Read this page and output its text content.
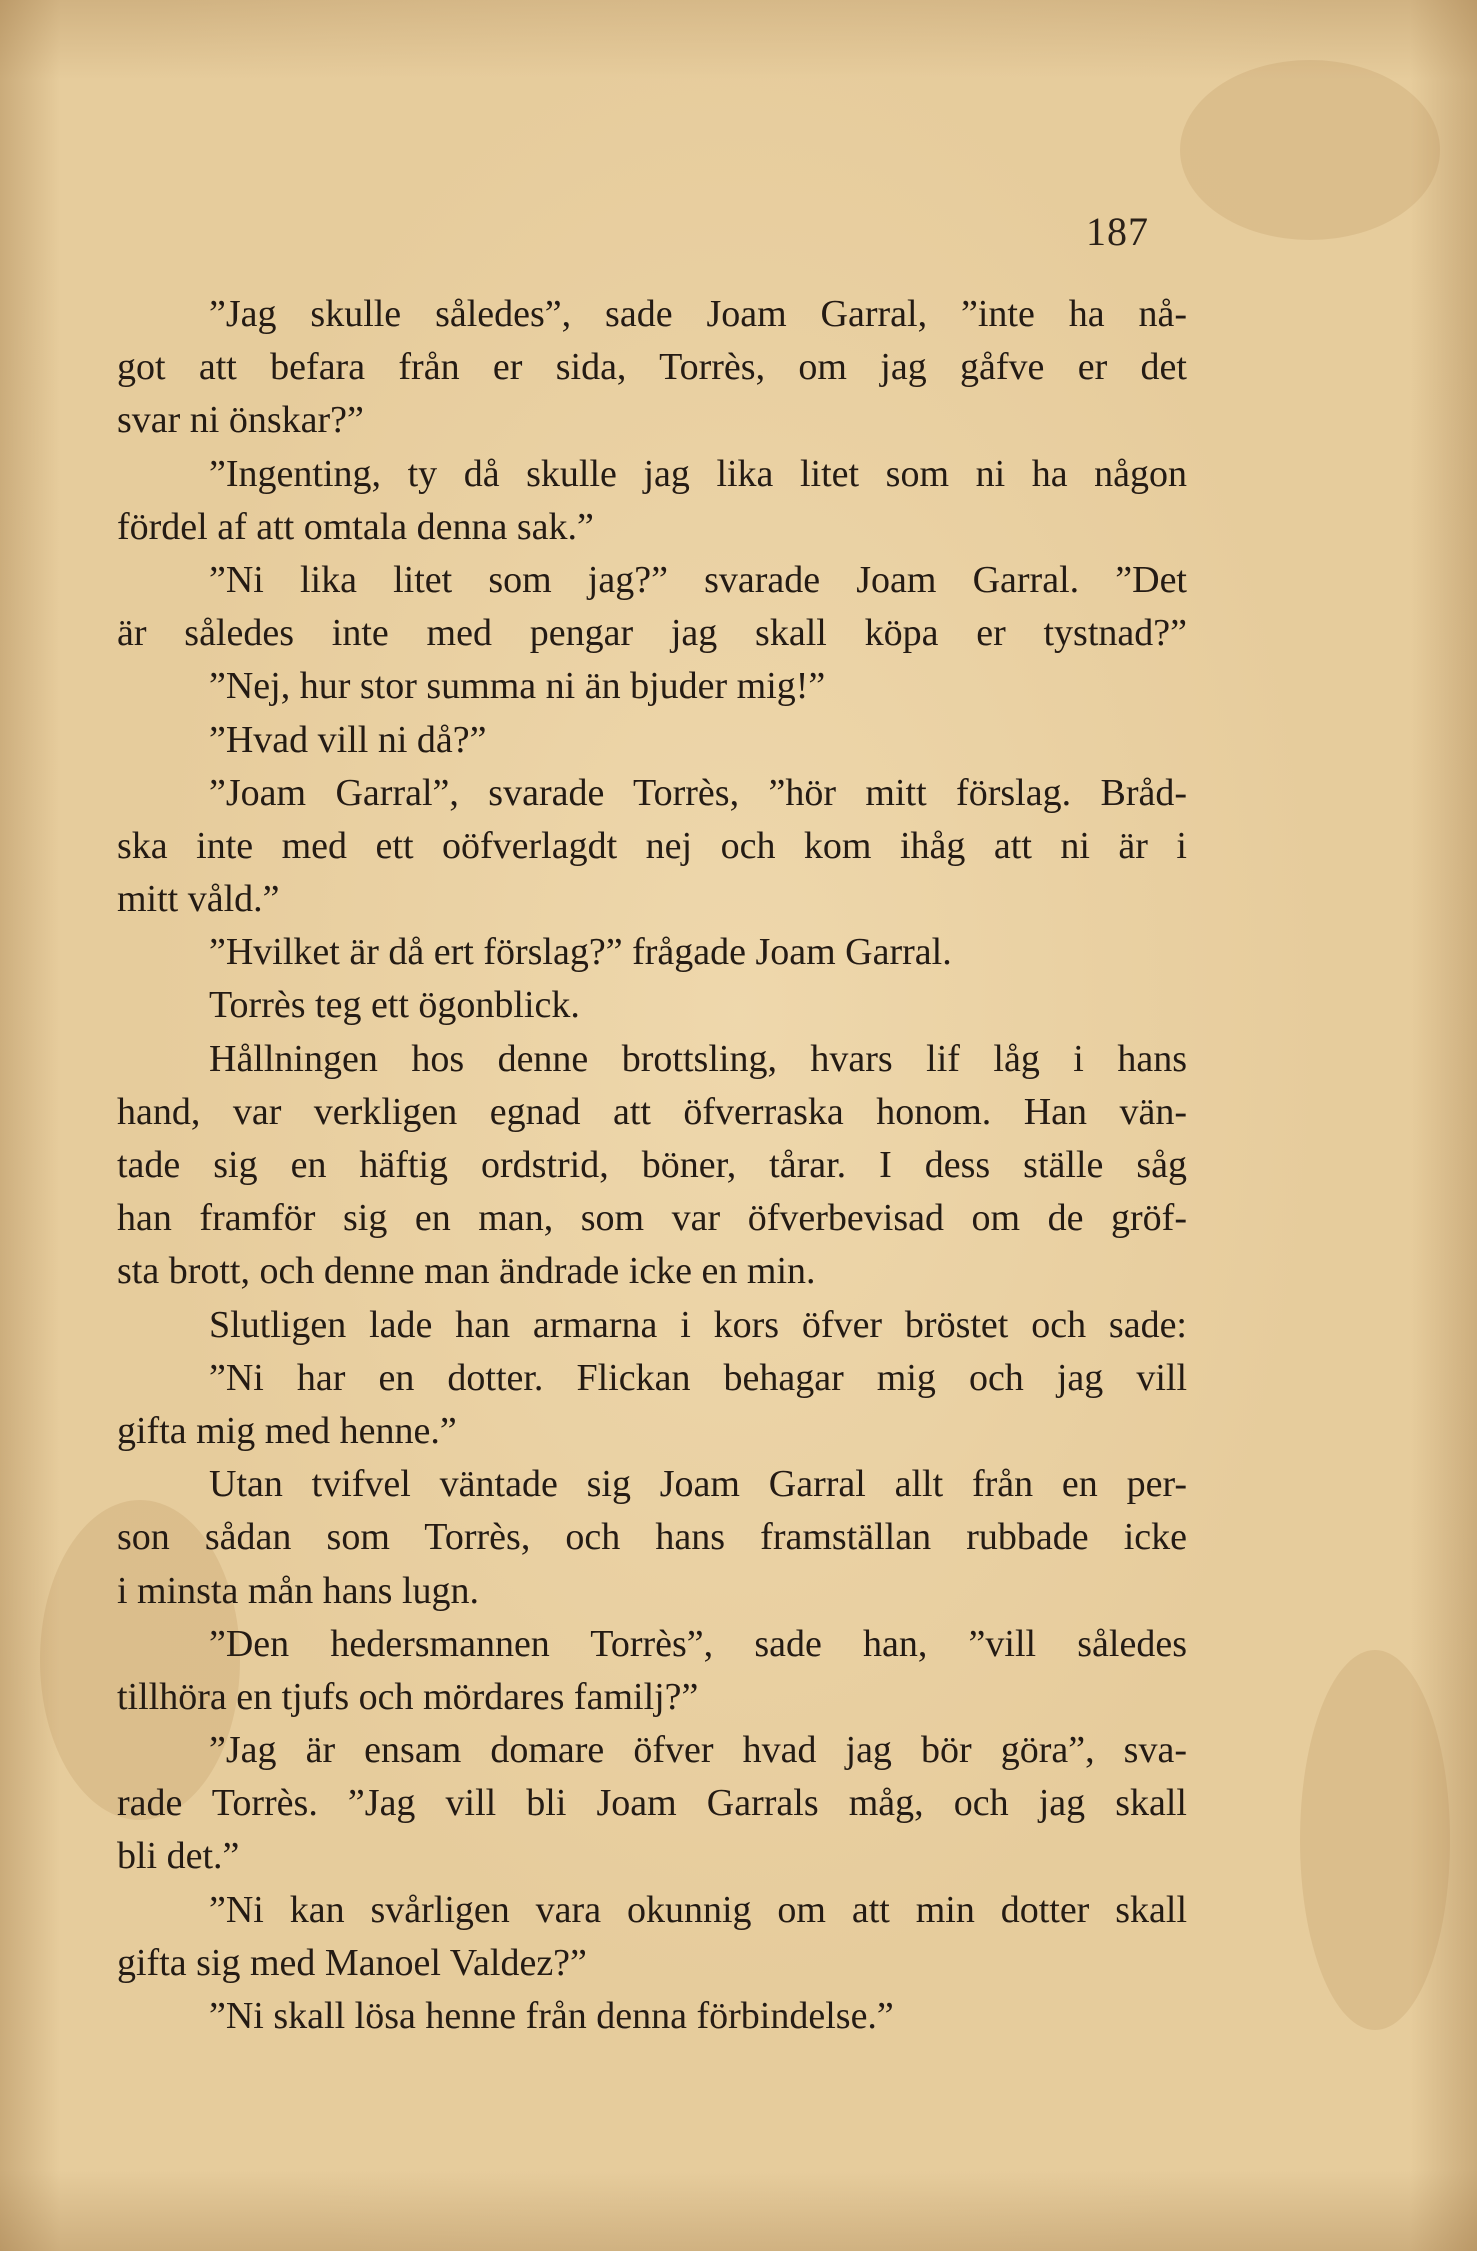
187
”Jag skulle således”, sade Joam Garral, ”inte ha nå-
got att befara från er sida, Torrès, om jag gåfve er det
svar ni önskar?”
”Ingenting, ty då skulle jag lika litet som ni ha någon
fördel af att omtala denna sak.”
”Ni lika litet som jag?” svarade Joam Garral. ”Det
är således inte med pengar jag skall köpa er tystnad?”
”Nej, hur stor summa ni än bjuder mig!”
”Hvad vill ni då?”
”Joam Garral”, svarade Torrès, ”hör mitt förslag. Bråd-
ska inte med ett oöfverlagdt nej och kom ihåg att ni är i
mitt våld.”
”Hvilket är då ert förslag?” frågade Joam Garral.
Torrès teg ett ögonblick.
Hållningen hos denne brottsling, hvars lif låg i hans
hand, var verkligen egnad att öfverraska honom. Han vän-
tade sig en häftig ordstrid, böner, tårar. I dess ställe såg
han framför sig en man, som var öfverbevisad om de gröf-
sta brott, och denne man ändrade icke en min.
Slutligen lade han armarna i kors öfver bröstet och sade:
”Ni har en dotter. Flickan behagar mig och jag vill
gifta mig med henne.”
Utan tvifvel väntade sig Joam Garral allt från en per-
son sådan som Torrès, och hans framställan rubbade icke
i minsta mån hans lugn.
”Den hedersmannen Torrès”, sade han, ”vill således
tillhöra en tjufs och mördares familj?”
”Jag är ensam domare öfver hvad jag bör göra”, sva-
rade Torrès. ”Jag vill bli Joam Garrals måg, och jag skall
bli det.”
”Ni kan svårligen vara okunnig om att min dotter skall
gifta sig med Manoel Valdez?”
”Ni skall lösa henne från denna förbindelse.”
